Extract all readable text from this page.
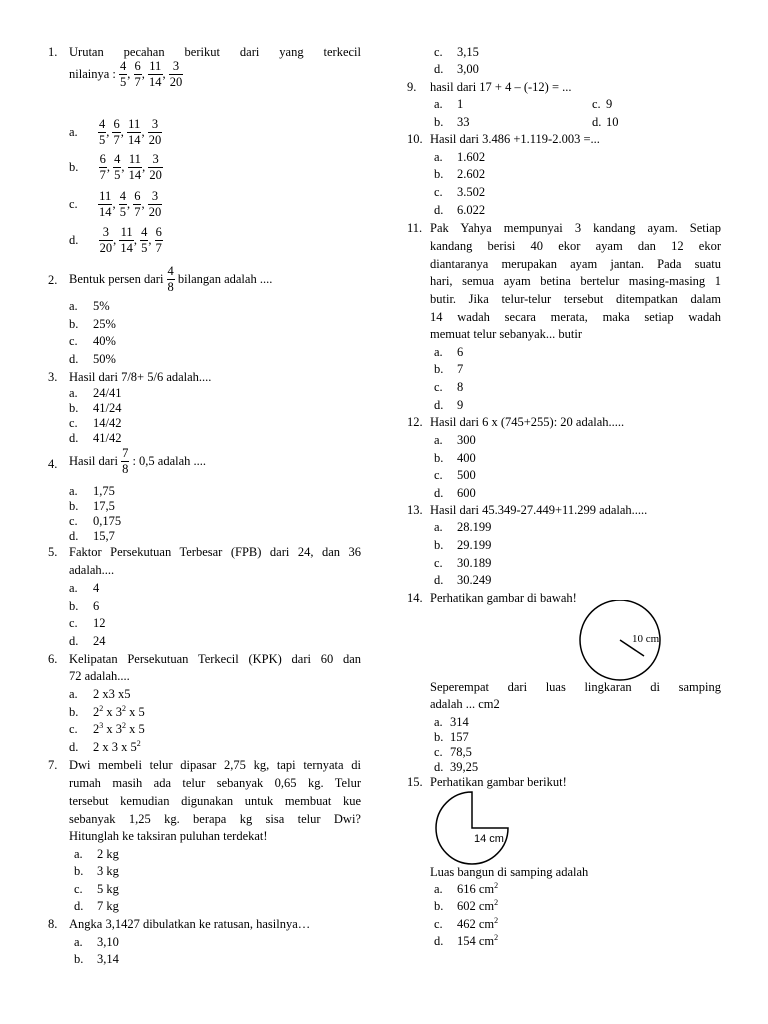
1. Urutan pecahan berikut dari yang terkecil
nilainya : $\frac{4}{5}$ , $\frac{6}{7}$ , $\frac{11}{14}$ , $\frac{3}{20}$
a. $\frac{4}{5}$ , $\frac{6}{7}$ , $\frac{11}{14}$ , $\frac{3}{20}$
b. $\frac{6}{7}$ , $\frac{4}{5}$ , $\frac{11}{14}$ , $\frac{3}{20}$
c. $\frac{11}{14}$ , $\frac{4}{5}$ , $\frac{6}{7}$ , $\frac{3}{20}$
d. $\frac{3}{20}$ , $\frac{11}{14}$ , $\frac{4}{5}$ , $\frac{6}{7}$
2. Bentuk persen dari $\frac{4}{8}$ bilangan adalah ....
a. 5%
b. 25%
c. 40%
d. 50%
3. Hasil dari 7/8+ 5/6 adalah....
a. 24/41
b. 41/24
c. 14/42
d. 41/42
4. Hasil dari $\frac{7}{8}$ : 0,5 adalah ....
a. 1,75
b. 17,5
c. 0,175
d. 15,7
5. Faktor Persekutuan Terbesar (FPB) dari 24, dan 36
adalah....
a. 4
b. 6
c. 12
d. 24
6. Kelipatan Persekutuan Terkecil (KPK) dari 60 dan
72 adalah....
a. 2 x3 x5
b. $2^2$ x $3^2$ x 5
c. $2^3$ x $3^2$ x 5
d. 2 x 3 x $5^2$
7. Dwi membeli telur dipasar 2,75 kg, tapi ternyata di
rumah masih ada telur sebanyak 0,65 kg. Telur
tersebut kemudian digunakan untuk membuat kue
sebanyak 1,25 kg. berapa kg sisa telur Dwi?
Hitunglah ke taksiran puluhan terdekat!
a. 2 kg
b. 3 kg
c. 5 kg
d. 7 kg
8. Angka 3,1427 dibulatkan ke ratusan, hasilnya…
a. 3,10
b. 3,14
c. 3,15
d. 3,00
9. hasil dari 17 + 4 – (-12) = ...
a. 1	c. 9
b. 33	d. 10
10. Hasil dari 3.486 +1.119-2.003 =...
a. 1.602
b. 2.602
c. 3.502
d. 6.022
11. Pak Yahya mempunyai 3 kandang ayam. Setiap
kandang berisi 40 ekor ayam dan 12 ekor
diantaranya merupakan ayam jantan. Pada suatu
hari, semua ayam betina bertelur masing-masing 1
butir. Jika telur-telur tersebut ditempatkan dalam
14 wadah secara merata, maka setiap wadah
memuat telur sebanyak... butir
a. 6
b. 7
c. 8
d. 9
12. Hasil dari 6 x (745+255): 20 adalah.....
a. 300
b. 400
c. 500
d. 600
13. Hasil dari 45.349-27.449+11.299 adalah.....
a. 28.199
b. 29.199
c. 30.189
d. 30.249
14. Perhatikan gambar di bawah!
10 cm
Seperempat dari luas lingkaran di samping
adalah ... cm2
a. 314
b. 157
c. 78,5
d. 39,25
15. Perhatikan gambar berikut!
14 cm
Luas bangun di samping adalah
a. 616 $cm^2$
b. 602 $cm^2$
c. 462 $cm^2$
d. 154 $cm^2$
